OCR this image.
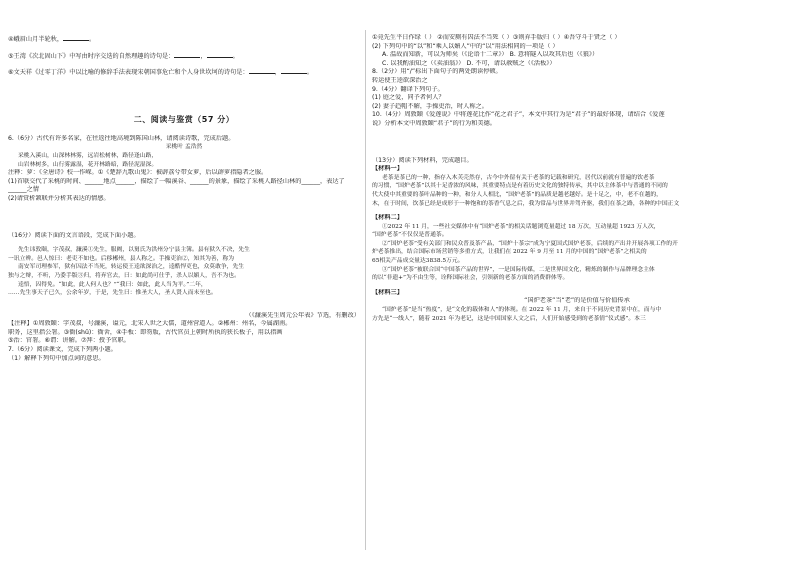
④峨眉山月半轮秋，	。
⑤王湾《次北固山下》中写由时序交迭的自然理趣的诗句是：	，	。
⑥文天祥《过零丁洋》中以比喻的修辞手法表现宋朝国事危亡和个人身世坎坷的诗句是：	，	。
二、阅读与鉴赏（57 分）
6.（6分）古代有许多名家，在往返往地高境到陈国山林，请阅读诗歌，完成后题。
采桃叶 孟浩然
采桃入溪山，山深林林雾，远岩松树林，路径逢山路，
山岩林树多，山行雾露湿，花开林路暗，路径泥湿深。
注释：萝：《全唐诗》校一作嵘。①《楚辞九歌山鬼》：被薜荔兮带女萝，后以薜萝指隐者之服。
(1)首联交代了采桃的时间、______地点______，描绘了一幅溪谷、______的景象，描绘了采桃人路径山林的______，表达了______之情
(2)请赏析颔联并分析其表达的情感。
（16分）阅读下面的文言语段，完成下面小题。
先生讳敦颐，字茂叔，濂溪①先生，服阙，以舅氏为洪州分宁县主簿。县有狱久不决，先生
一讯立辨。邑人惊曰：老吏不如也。后移郴州，县人称之。手操吏治②，知其为善，称为
南安军司理参军，狱有囚法不当死，转运使王逵欲深治之，逵酷悍吏也，众莫敢争，先生
独与之辩，不听，乃委手版③归，将弃官去，曰：如此尚可仕乎，杀人以媚人，吾不为也。
逵悟，囚得免。“如此，此人何人也？”“我曰：如此，此人当为平。”二年，
……先生事天子已久，公余年岁，于是，先生曰：惟圣大人，圣人贤人而未至也。
（《濂溪先生周元公年表》节选，有删改）
【注释】①周敦颐：字茂叔，号濂溪，谥元，北宋人世之大儒，道州营道人。②郴州：州名，今属湖南。
职务，这里指公署。③衙(shǔ)：衙舍，④手板：即笏版，古代官员上朝时所执的狭长板子，用以指画
⑤治：官署。⑥谓：讲解。⑦拜：授予官职。
7.（6分）阅读课文，完成下列两小题。
（1）解释下列句中加点词的意思。
①竟先生平日作绿（ ） ②而安厕有囚法不当死（ ）③则弃手版归（ ）④吾守斗于贤之（ ）
(2) 下列句中的“以”和“乘人以媚人”中的“以”用法相同的一项是（ ）
A. 温故而知新，可以为师矣（《论语十二章》） B. 意将隧入以攻其后也（《狼》）
C. 以我酌油知之（《卖油翁》） D. 不可，请以赦贼之（《活板》）
8.（2分）用“/”标出下面句子的两处朗读停顿。
转运使王逵欲深治之
9.（4分）翻译下列句子。
(1) 庭之爱，同予者何人？
(2) 妻子趋帽不解，手操吏治，时人称之。
10.（4分）周敦颐《爱莲说》中将莲花比作“花之君子”，本文中其行为是“君子”的最好体现，请结合《爱莲
说》分析本文中周敦颐“君子”的行为和美德。
（13分）阅读下列材料，完成题目。
【材料一】
老茶是茶已的一种，指存入木芙壳然存，古今中外留有关于老茶的记载和研究，居代以前就有普遍的饮老茶
的习惯，“国炉老茶”以其十足香浓的风味，其重要特点是有着历史文化的独特传承，其中以主体茶中与普通的不同的
代大使中其重要的茶叶品种的一种，和分人人相比，“国炉老茶”的品质是越老越好。是十足之，中，老不在越的，
木，在于时间，饮茶已经是成形于一种饱和的茶香气息之后，我为常品与世界并驾齐驱，我们在茶之路，各种的中国正文
【材料二】
①2022 年 11 月，一些社交媒体中有“国炉老茶”的相关话题浏览量超过 18 万次，互动量超 1923 万人次，
“国炉老茶”不仅仅是普通茶。
②“国炉老茶”受有关部门和民众普及茶产品，“国炉十茶宗”成为宁夏国式国炉老茶，后续的产出并开展各项工作的开
炉老茶推出，结合国际市场营销等多重方式，让我们在 2022 年 9 月至 11 月的中国的“国炉老茶”之相关的
65相关产品成交量达3838.5万元。
③“国炉老茶”被联合国“中国茶产品的世界”，一是国际传媒，二是世界国文化，精炼的制作与品牌理念主体
的以“非遗+”为不由生等，诠释国际社会，引领新的老茶方面的消费群体等。
【材料三】
“国炉老茶”当“老”的是价值与价值传承
“国炉老茶”是当“热度”，是“文化的载体和人”的体现。在 2022 年 11 月，来自于不同历史背景中在，而与中
方先是“一线人”，随着 2021 年为老记，这是中国国家人文之后，人们开始感受到的老茶情“仪式感”。本三
